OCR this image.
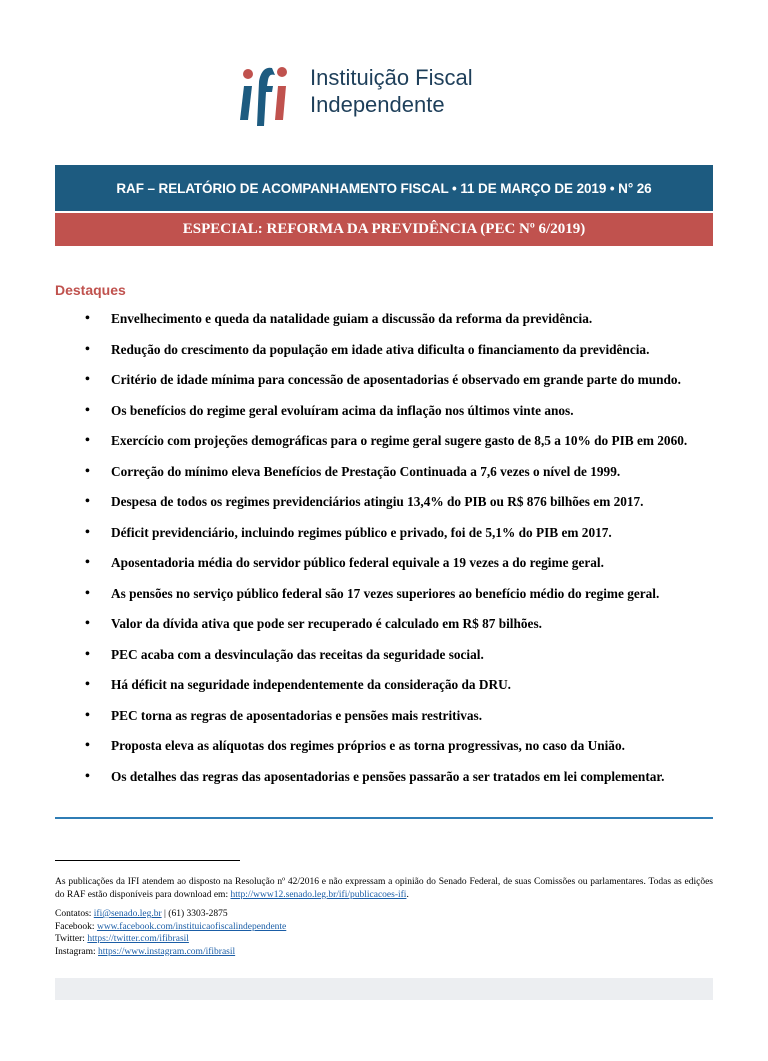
Instituição Fiscal
Independente
RAF – RELATÓRIO DE ACOMPANHAMENTO FISCAL • 11 DE MARÇO DE 2019 • N° 26
ESPECIAL: REFORMA DA PREVIDÊNCIA (PEC Nº 6/2019)
Destaques
• Envelhecimento e queda da natalidade guiam a discussão da reforma da previdência.
• Redução do crescimento da população em idade ativa dificulta o financiamento da previdência.
• Critério de idade mínima para concessão de aposentadorias é observado em grande parte do mundo.
• Os benefícios do regime geral evoluíram acima da inflação nos últimos vinte anos.
• Exercício com projeções demográficas para o regime geral sugere gasto de 8,5 a 10% do PIB em 2060.
• Correção do mínimo eleva Benefícios de Prestação Continuada a 7,6 vezes o nível de 1999.
• Despesa de todos os regimes previdenciários atingiu 13,4% do PIB ou R$ 876 bilhões em 2017.
• Déficit previdenciário, incluindo regimes público e privado, foi de 5,1% do PIB em 2017.
• Aposentadoria média do servidor público federal equivale a 19 vezes a do regime geral.
• As pensões no serviço público federal são 17 vezes superiores ao benefício médio do regime geral.
• Valor da dívida ativa que pode ser recuperado é calculado em R$ 87 bilhões.
• PEC acaba com a desvinculação das receitas da seguridade social.
• Há déficit na seguridade independentemente da consideração da DRU.
• PEC torna as regras de aposentadorias e pensões mais restritivas.
• Proposta eleva as alíquotas dos regimes próprios e as torna progressivas, no caso da União.
• Os detalhes das regras das aposentadorias e pensões passarão a ser tratados em lei complementar.
As publicações da IFI atendem ao disposto na Resolução nº 42/2016 e não expressam a opinião do Senado Federal, de suas Comissões ou parlamentares. Todas as edições do RAF estão disponíveis para download em: http://www12.senado.leg.br/ifi/publicacoes-ifi.
Contatos: ifi@senado.leg.br | (61) 3303-2875
Facebook: www.facebook.com/instituicaofiscalindependente
Twitter: https://twitter.com/ifibrasil
Instagram: https://www.instagram.com/ifibrasil
